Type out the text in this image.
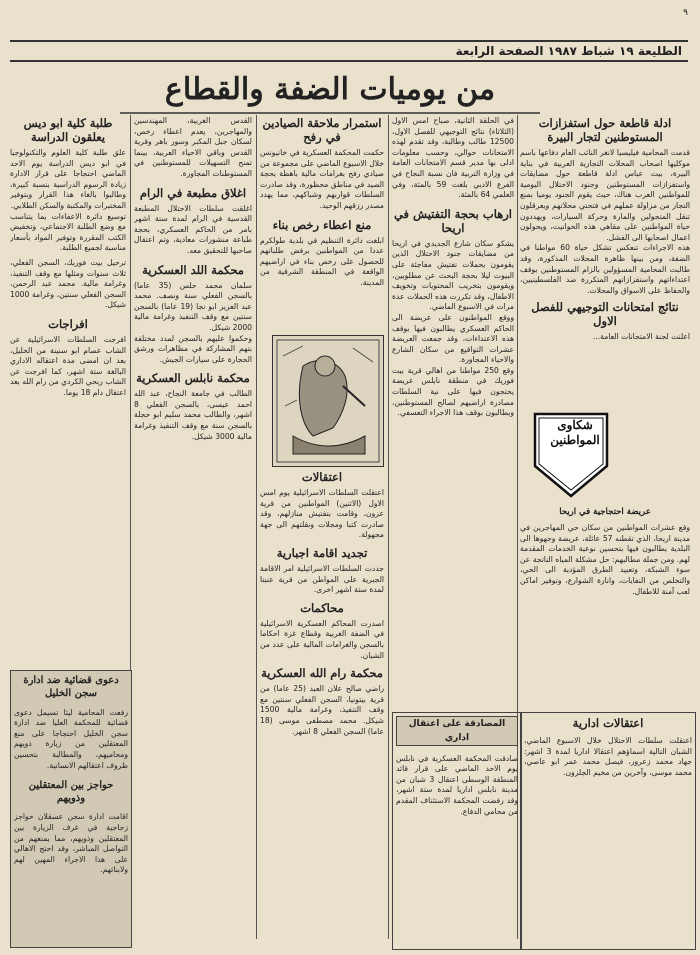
٩
الطليعة ١٩ شباط ١٩٨٧ الصفحة الرابعة
من يوميات الضفة والقطاع
ادلة قاطعة حول استفزازات المستوطنين لتجار البيرة

قدمت المحامية فيليسيا لانغر النائب العام دفاعها باسم موكليها اصحاب المحلات التجارية العربية في بناية البيرة، بيت عباس ادلة قاطعة حول مضايقات واستفزازات المستوطنين وجنود الاحتلال اليومية للمواطنين العرب هناك، حيث يقوم الجنود يوميا بمنع التجار من مزاولة عملهم في فتحتي محلاتهم ويعرقلون تنقل المتجولين والمارة وحركة السيارات، ويهددون حياة المواطنين على مقاهي هذه الحوانيت، ويحولون اعمال اصحابها الى الفشل.

هذه الاجراءات تنعكس تشكل حياة 60 مواطنا في الضفة، ومن بينها ظاهرة المحلات المذكورة، وقد طالبت المحامية المسؤولين بالزام المستوطنين بوقف اعتداءاتهم واستفزازاتهم المتكررة ضد الفلسطينيين، والحفاظ على الاسواق والمحلات.

نتائج امتحانات التوجيهي للفصل الاول

اعلنت لجنة الامتحانات العامة...

شكاوى المواطنين
عريضة احتجاجية في اريحا

وقع عشرات المواطنين من سكان حي المهاجرين في مدينة اريحا، الذي تقطنه 57 عائلة، عريضة وجهوها الى البلدية يطالبون فيها بتحسين نوعية الخدمات المقدمة لهم. ومن جملة مطالبهم: حل مشكلة المياه الناتجة عن سوء الشبكة، وتعبيد الطرق المؤدية الى الحي، والتخلص من النفايات، وانارة الشوارع، وتوفير اماكن لعب آمنة للاطفال.

اعتقالات ادارية

اعتقلت سلطات الاحتلال خلال الاسبوع الماضي، الشبان التالية اسماؤهم اعتقالا اداريا لمدة 3 اشهر: جهاد محمد زعرور، فيصل محمد عمر ابو عاصي، محمد موسى، وآخرين من مخيم الجلزون.

في الحلقة الثانية، صباح امس الاول (الثلاثاء) نتائج التوجيهي للفصل الاول، 12500 طالب وطالبة، وقد تقدم لهذه الامتحانات حوالي، وحسب معلومات ادلى بها مدير قسم الامتحانات العامة في وزارة التربية فان نسبة النجاح في الفرع الادبي بلغت 59 بالمئة، وفي العلمي 64 بالمئة.

ارهاب بحجة التفتيش في اريحا

يشكو سكان شارع الجديدي في اريحا من مضايقات جنود الاحتلال الذين يقومون بحملات تفتيش مفاجئة على البيوت ليلا بحجة البحث عن مطلوبين، ويقومون بتخريب المحتويات وتخويف الاطفال، وقد تكررت هذه الحملات عدة مرات في الاسبوع الماضي.

ووقع المواطنون على عريضة الى الحاكم العسكري يطالبون فيها بوقف هذه الاعتداءات، وقد جمعت العريضة عشرات التواقيع من سكان الشارع والاحياء المجاورة.

وقع 250 مواطنا من اهالي قرية بيت فوريك في منطقة نابلس عريضة يحتجون فيها على نية السلطات مصادرة اراضيهم لصالح المستوطنين، ويطالبون بوقف هذا الاجراء التعسفي.

المصادقة على اعتقال اداري

صادقت المحكمة العسكرية في نابلس يوم الاحد الماضي على قرار قائد المنطقة الوسطى اعتقال 3 شبان من مدينة نابلس اداريا لمدة ستة اشهر، وقد رفضت المحكمة الاستئناف المقدم من محامي الدفاع.

استمرار ملاحقة الصيادين في رفح

حكمت المحكمة العسكرية في خانيونس خلال الاسبوع الماضي على مجموعة من صيادي رفح بغرامات مالية باهظة بحجة الصيد في مناطق محظورة، وقد صادرت السلطات قواربهم وشباكهم، مما يهدد مصدر رزقهم الوحيد.

منع اعطاء رخص بناء

ابلغت دائرة التنظيم في بلدية طولكرم عددا من المواطنين برفض طلباتهم للحصول على رخص بناء في اراضيهم الواقعة في المنطقة الشرقية من المدينة.

اعتقالات

اعتقلت السلطات الاسرائيلية يوم امس الاول (الاثنين) المواطنين من قرية عزون، وقامت بتفتيش منازلهم، وقد صادرت كتبا ومجلات ونقلتهم الى جهة مجهولة.

تجديد اقامة اجبارية

جددت السلطات الاسرائيلية امر الاقامة الجبرية على المواطن من قرية عنبتا لمدة ستة اشهر اخرى.

محاكمات

اصدرت المحاكم العسكرية الاسرائيلية في الضفة الغربية وقطاع غزة احكاما بالسجن والغرامات المالية على عدد من الشبان.

محكمة رام الله العسكرية

راضي صالح علان العبد (25 عاما) من قرية بيتونيا، السجن الفعلي سنتين مع وقف التنفيذ، وغرامة مالية 1500 شيكل. محمد مصطفى موسى (18 عاما) السجن الفعلي 8 اشهر.

القدس الغربية، المهندسين والمهاجرين، يعدم اعطاء رخص، لسكان جبل المكبر وسور باهر وقرية القدس وباقي الاحياء العربية، بينما تمنح التسهيلات للمستوطنين في المستوطنات المجاورة.

اغلاق مطبعة في الرام

اغلقت سلطات الاحتلال المطبعة القدسية في الرام لمدة ستة اشهر بامر من الحاكم العسكري، بحجة طباعة منشورات معادية، وتم اعتقال صاحبها للتحقيق معه.

محكمة اللد العسكرية

سلمان محمد حلس (35 عاما) بالسجن الفعلي سنة ونصف. محمد عبد العزيز ابو نجا (19 عاما) بالسجن سنتين مع وقف التنفيذ وغرامة مالية 2000 شيكل.

وحكموا عليهم بالسجن لمدد مختلفة بتهم المشاركة في مظاهرات ورشق الحجارة على سيارات الجيش.

محكمة نابلس العسكرية

الطالب في جامعة النجاح، عبد الله احمد عيسى، بالسجن الفعلي 8 اشهر، والطالب محمد سليم ابو حجلة بالسجن سنة مع وقف التنفيذ وغرامة مالية 3000 شيكل.

طلبة كلية ابو ديس يعلقون الدراسة

علق طلبة كلية العلوم والتكنولوجيا في ابو ديس الدراسة يوم الاحد الماضي احتجاجا على قرار الادارة زيادة الرسوم الدراسية بنسبة كبيرة، وطالبوا بالغاء هذا القرار وبتوفير المختبرات والمكتبة والسكن الطلابي.

توسيع دائرة الاعفاءات بما يتناسب مع وضع الطلبة الاجتماعي، وتخفيض الكتب المقررة وتوفير المواد بأسعار مناسبة لجميع الطلبة.

ترحيل بيت فوريك، السجن الفعلي، ثلاث سنوات ومثلها مع وقف التنفيذ، وغرامة مالية. محمد عبد الرحمن، السجن الفعلي سنتين، وغرامة 1000 شيكل.

افراجات

افرجت السلطات الاسرائيلية عن الشاب عصام ابو سنينة من الخليل، بعد ان امضى مدة اعتقاله الاداري البالغة ستة اشهر، كما افرجت عن الشاب ربحي الكردي من رام الله بعد اعتقال دام 18 يوما.

دعوى قضائية ضد ادارة سجن الخليل

رفعت المحامية ليئا تسيمل دعوى قضائية للمحكمة العليا ضد ادارة سجن الخليل احتجاجا على منع المعتقلين من زيارة ذويهم ومحاميهم، والمطالبة بتحسين ظروف اعتقالهم الانسانية.

حواجز بين المعتقلين وذويهم

اقامت ادارة سجن عسقلان حواجز زجاجية في غرف الزيارة بين المعتقلين وذويهم، مما يمنعهم من التواصل المباشر، وقد احتج الاهالي على هذا الاجراء المهين لهم ولابنائهم.
